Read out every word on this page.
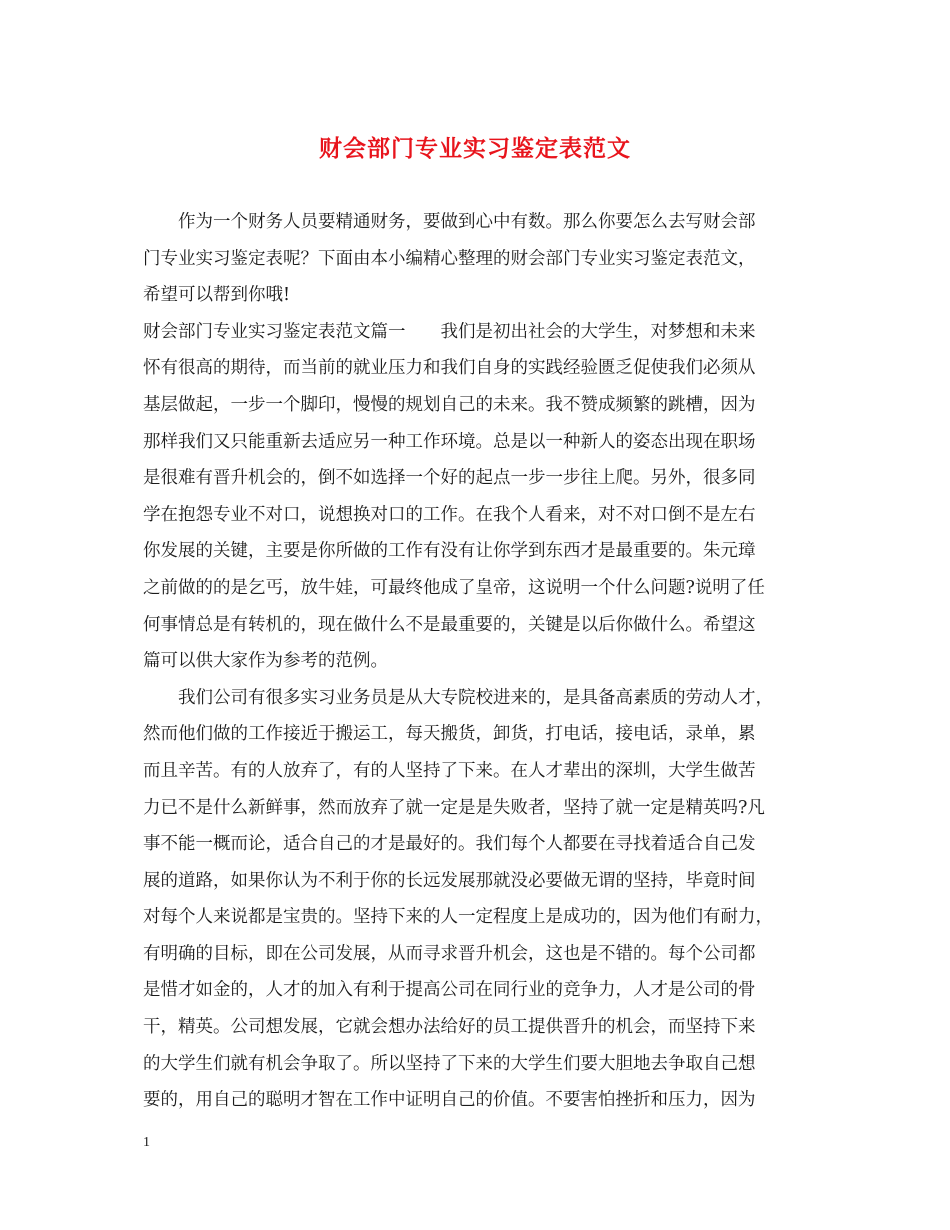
财会部门专业实习鉴定表范文
作为一个财务人员要精通财务，要做到心中有数。那么你要怎么去写财会部
门专业实习鉴定表呢？下面由本小编精心整理的财会部门专业实习鉴定表范文，
希望可以帮到你哦!
财会部门专业实习鉴定表范文篇一　　我们是初出社会的大学生，对梦想和未来
怀有很高的期待，而当前的就业压力和我们自身的实践经验匮乏促使我们必须从
基层做起，一步一个脚印，慢慢的规划自己的未来。我不赞成频繁的跳槽，因为
那样我们又只能重新去适应另一种工作环境。总是以一种新人的姿态出现在职场
是很难有晋升机会的，倒不如选择一个好的起点一步一步往上爬。另外，很多同
学在抱怨专业不对口，说想换对口的工作。在我个人看来，对不对口倒不是左右
你发展的关键，主要是你所做的工作有没有让你学到东西才是最重要的。朱元璋
之前做的的是乞丐，放牛娃，可最终他成了皇帝，这说明一个什么问题?说明了任
何事情总是有转机的，现在做什么不是最重要的，关键是以后你做什么。希望这
篇可以供大家作为参考的范例。
我们公司有很多实习业务员是从大专院校进来的，是具备高素质的劳动人才，
然而他们做的工作接近于搬运工，每天搬货，卸货，打电话，接电话，录单，累
而且辛苦。有的人放弃了，有的人坚持了下来。在人才辈出的深圳，大学生做苦
力已不是什么新鲜事，然而放弃了就一定是是失败者，坚持了就一定是精英吗?凡
事不能一概而论，适合自己的才是最好的。我们每个人都要在寻找着适合自己发
展的道路，如果你认为不利于你的长远发展那就没必要做无谓的坚持，毕竟时间
对每个人来说都是宝贵的。坚持下来的人一定程度上是成功的，因为他们有耐力，
有明确的目标，即在公司发展，从而寻求晋升机会，这也是不错的。每个公司都
是惜才如金的，人才的加入有利于提高公司在同行业的竞争力，人才是公司的骨
干，精英。公司想发展，它就会想办法给好的员工提供晋升的机会，而坚持下来
的大学生们就有机会争取了。所以坚持了下来的大学生们要大胆地去争取自己想
要的，用自己的聪明才智在工作中证明自己的价值。不要害怕挫折和压力，因为
1
